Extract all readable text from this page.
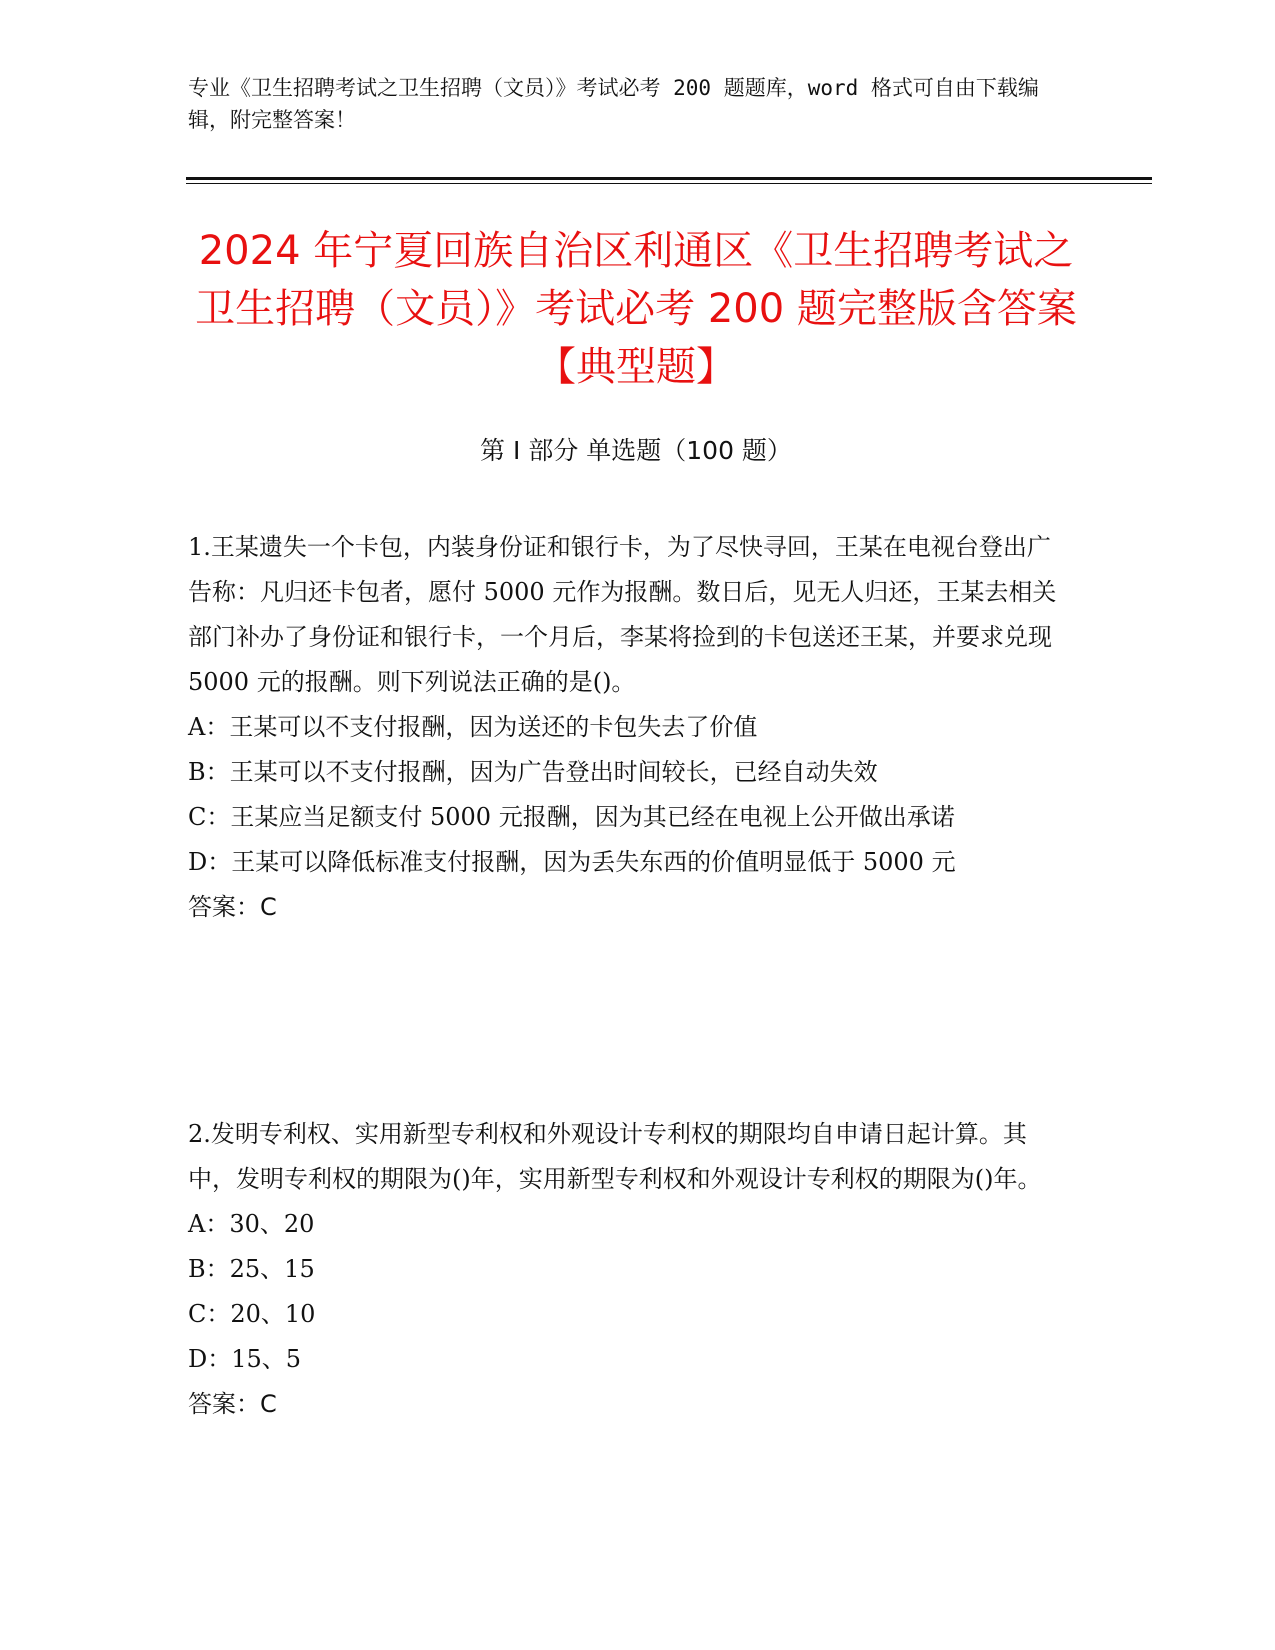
专业《卫生招聘考试之卫生招聘（文员）》考试必考 200 题题库，word 格式可自由下载编辑，附完整答案！

2024 年宁夏回族自治区利通区《卫生招聘考试之卫生招聘（文员）》考试必考 200 题完整版含答案【典型题】
第 I 部分 单选题（100 题）

1.王某遗失一个卡包，内装身份证和银行卡，为了尽快寻回，王某在电视台登出广告称：凡归还卡包者，愿付 5000 元作为报酬。数日后，见无人归还，王某去相关部门补办了身份证和银行卡，一个月后，李某将捡到的卡包送还王某，并要求兑现 5000 元的报酬。则下列说法正确的是()。

A：王某可以不支付报酬，因为送还的卡包失去了价值

B：王某可以不支付报酬，因为广告登出时间较长，已经自动失效

C：王某应当足额支付 5000 元报酬，因为其已经在电视上公开做出承诺

D：王某可以降低标准支付报酬，因为丢失东西的价值明显低于 5000 元

答案：C

2.发明专利权、实用新型专利权和外观设计专利权的期限均自申请日起计算。其中，发明专利权的期限为()年，实用新型专利权和外观设计专利权的期限为()年。

A：30、20

B：25、15

C：20、10

D：15、5

答案：C
